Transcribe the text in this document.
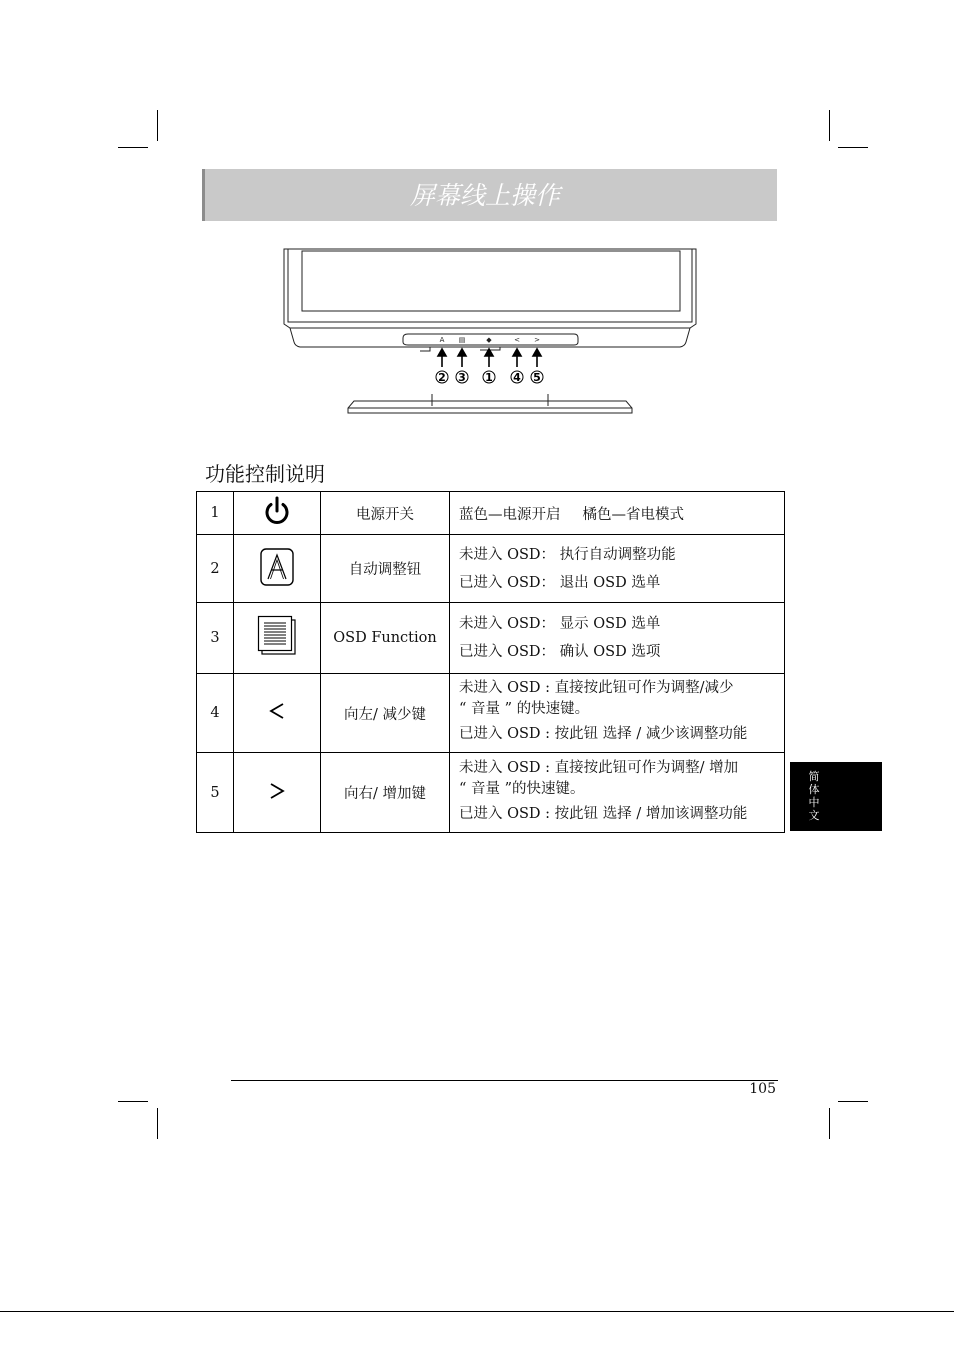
屏幕线上操作
A ▤	◆	< >
2 3 1 4 5
功能控制说明
1		电源开关	蓝色—电源开启 橘色—省电模式
2		自动调整钮	未进入 OSD： 执行自动调整功能
已进入 OSD： 退出 OSD 选单

3		OSD Function	未进入 OSD： 显示 OSD 选单
已进入 OSD： 确认 OSD 选项

4		向左/ 减少键	未进入 OSD : 直接按此钮可作为调整/减少
“ 音量 ” 的快速键。
已进入 OSD : 按此钮 选择 / 减少该调整功能

5		向右/ 增加键	未进入 OSD : 直接按此钮可作为调整/ 增加
“ 音量 ”的快速键。
已进入 OSD : 按此钮 选择 / 增加该调整功能
简体中文
105
